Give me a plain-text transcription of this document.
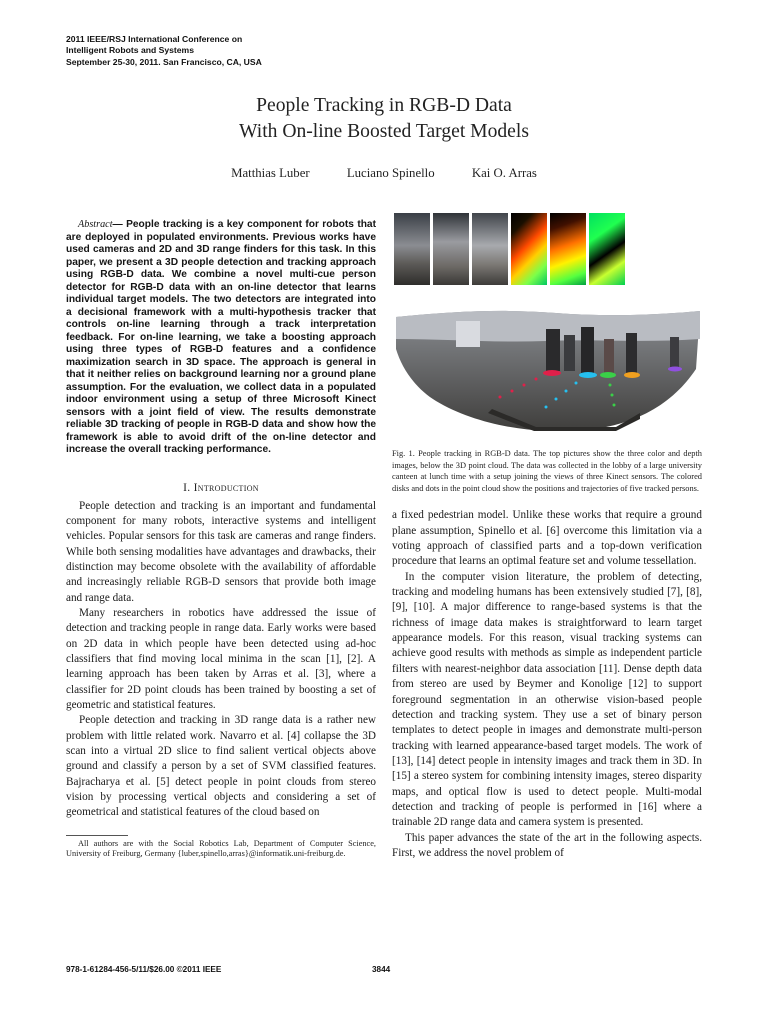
2011 IEEE/RSJ International Conference on
Intelligent Robots and Systems
September 25-30, 2011. San Francisco, CA, USA
People Tracking in RGB-D Data
With On-line Boosted Target Models
Matthias Luber	Luciano Spinello	Kai O. Arras

Abstract— People tracking is a key component for robots that are deployed in populated environments. Previous works have used cameras and 2D and 3D range finders for this task. In this paper, we present a 3D people detection and tracking approach using RGB-D data. We combine a novel multi-cue person detector for RGB-D data with an on-line detector that learns individual target models. The two detectors are integrated into a decisional framework with a multi-hypothesis tracker that controls on-line learning through a track interpretation feedback. For on-line learning, we take a boosting approach using three types of RGB-D features and a confidence maximization search in 3D space. The approach is general in that it neither relies on background learning nor a ground plane assumption. For the evaluation, we collect data in a populated indoor environment using a setup of three Microsoft Kinect sensors with a joint field of view. The results demonstrate reliable 3D tracking of people in RGB-D data and show how the framework is able to avoid drift of the on-line detector and increase the overall tracking performance.

I. Introduction

People detection and tracking is an important and fundamental component for many robots, interactive systems and intelligent vehicles. Popular sensors for this task are cameras and range finders. While both sensing modalities have advantages and drawbacks, their distinction may become obsolete with the availability of affordable and increasingly reliable RGB-D sensors that provide both image and range data.

Many researchers in robotics have addressed the issue of detection and tracking people in range data. Early works were based on 2D data in which people have been detected using ad-hoc classifiers that find moving local minima in the scan [1], [2]. A learning approach has been taken by Arras et al. [3], where a classifier for 2D point clouds has been trained by boosting a set of geometric and statistical features.

People detection and tracking in 3D range data is a rather new problem with little related work. Navarro et al. [4] collapse the 3D scan into a virtual 2D slice to find salient vertical objects above ground and classify a person by a set of SVM classified features. Bajracharya et al. [5] detect people in point clouds from stereo vision by processing vertical objects and considering a set of geometrical and statistical features of the cloud based on

All authors are with the Social Robotics Lab, Department of Computer Science, University of Freiburg, Germany {luber,spinello,arras}@informatik.uni-freiburg.de.

Fig. 1. People tracking in RGB-D data. The top pictures show the three color and depth images, below the 3D point cloud. The data was collected in the lobby of a large university canteen at lunch time with a setup joining the views of three Kinect sensors. The colored disks and dots in the point cloud show the positions and trajectories of five tracked persons.

a fixed pedestrian model. Unlike these works that require a ground plane assumption, Spinello et al. [6] overcome this limitation via a voting approach of classified parts and a top-down verification procedure that learns an optimal feature set and volume tessellation.

In the computer vision literature, the problem of detecting, tracking and modeling humans has been extensively studied [7], [8], [9], [10]. A major difference to range-based systems is that the richness of image data makes is straightforward to learn target appearance models. For this reason, visual tracking systems can achieve good results with methods as simple as independent particle filters with nearest-neighbor data association [11]. Dense depth data from stereo are used by Beymer and Konolige [12] to support foreground segmentation in an otherwise vision-based people detection and tracking system. They use a set of binary person templates to detect people in images and demonstrate multi-person tracking with learned appearance-based target models. The work of [13], [14] detect people in intensity images and track them in 3D. In [15] a stereo system for combining intensity images, stereo disparity maps, and optical flow is used to detect people. Multi-modal detection and tracking of people is performed in [16] where a trainable 2D range data and camera system is presented.

This paper advances the state of the art in the following aspects. First, we address the novel problem of

978-1-61284-456-5/11/$26.00 ©2011 IEEE	3844
